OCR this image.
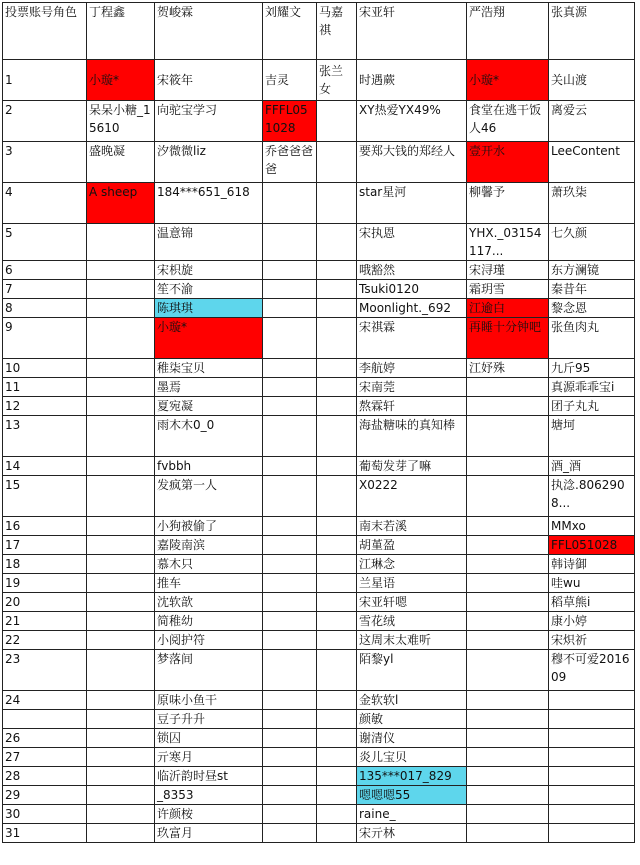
投票账号角色	丁程鑫	贺峻霖	刘耀文	马嘉祺	宋亚轩	严浩翔	张真源
1	小璇*	宋筱年	吉灵	张兰女	时遇蕨	小璇*	关山渡
2	呆呆小糖_15610	向驼宝学习	FFFL051028		XY热爱YX49%	食堂在逃干饭人46	离爱云
3	盛晚凝	汐微微liz	乔爸爸爸爸		要郑大钱的郑经人	壹开水	LeeContent
4	A sheep	184***651_618			star星河	柳馨予	萧玖柒
5		温意锦			宋执恩	YHX._03154117...	七久颜
6		宋枳旋			哦豁然	宋浔瑾	东方澜镜
7		笙不渝			Tsuki0120	霜玥雪	秦昔年
8		陈琪琪			Moonlight._692	江逾白	黎念恩
9		小璇*			宋祺霖	再睡十分钟吧	张鱼肉丸
10		稚柒宝贝			李航婷	江妤殊	九斤95
11		墨焉			宋南莞		真源乖乖宝i
12		夏宛凝			熬霖轩		团子丸丸
13		雨木木0_0			海盐糖味的真知棒		塘坷
14		fvbbh			葡萄发芽了嘛		酒_酒
15		发疯第一人			X0222		执淰.8062908...
16		小狗被偷了			南末若溪		MMxo
17		嘉陵南滨			胡堇盈		FFL051028
18		慕木只			江琳念		韩诗御
19		推车			兰星语		哇wu
20		沈软歆			宋亚轩嗯		稻草熊i
21		简稚幼			雪花绒		康小婷
22		小阅护符			这周末太难听		宋炽祈
23		梦落间			陌黎yl		穆不可爱201609
24		原味小鱼干			金软软l		
		豆子升升			颜敏		
26		锁囚			谢清仪		
27		亓寒月			炎儿宝贝		
28		临沂韵时昼st			135***017_829		
29		_8353			嗯嗯嗯55		
30		许颜桉			raine_		
31		玖富月			宋亓林		
